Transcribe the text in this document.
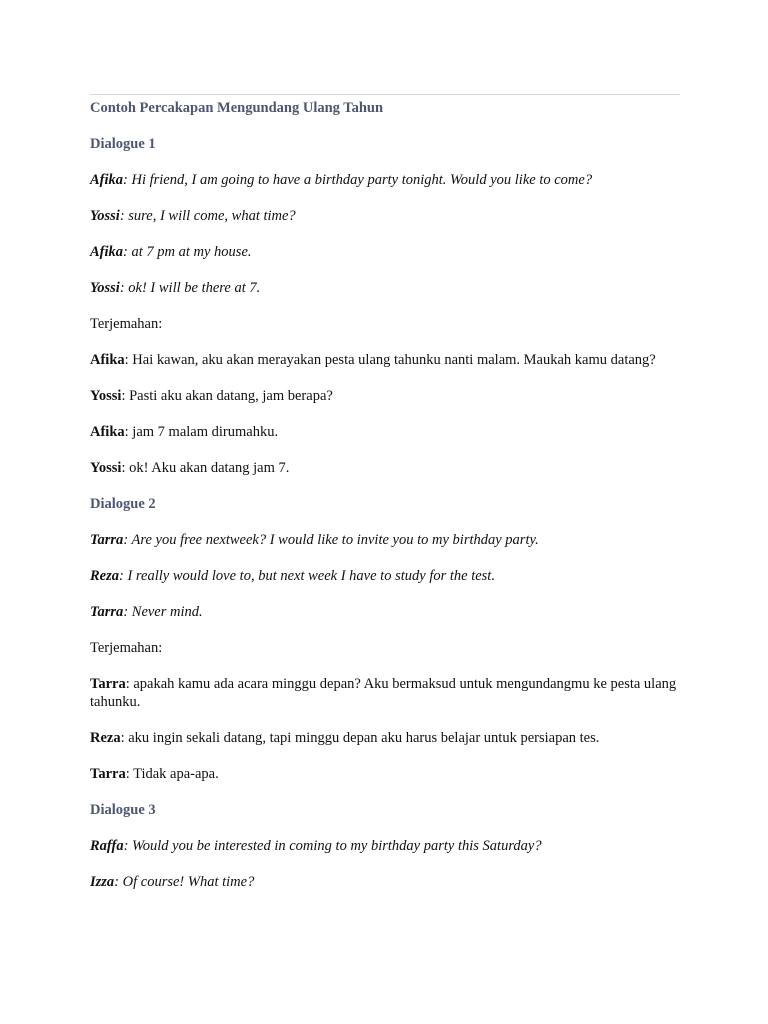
Contoh Percakapan Mengundang Ulang Tahun
Dialogue 1
Afika: Hi friend, I am going to have a birthday party tonight. Would you like to come?
Yossi: sure, I will come, what time?
Afika: at 7 pm at my house.
Yossi: ok! I will be there at 7.
Terjemahan:
Afika: Hai kawan, aku akan merayakan pesta ulang tahunku nanti malam. Maukah kamu datang?
Yossi: Pasti aku akan datang, jam berapa?
Afika: jam 7 malam dirumahku.
Yossi: ok! Aku akan datang jam 7.
Dialogue 2
Tarra: Are you free nextweek? I would like to invite you to my birthday party.
Reza: I really would love to, but next week I have to study for the test.
Tarra: Never mind.
Terjemahan:
Tarra: apakah kamu ada acara minggu depan? Aku bermaksud untuk mengundangmu ke pesta ulang tahunku.
Reza: aku ingin sekali datang, tapi minggu depan aku harus belajar untuk persiapan tes.
Tarra: Tidak apa-apa.
Dialogue 3
Raffa: Would you be interested in coming to my birthday party this Saturday?
Izza: Of course! What time?
